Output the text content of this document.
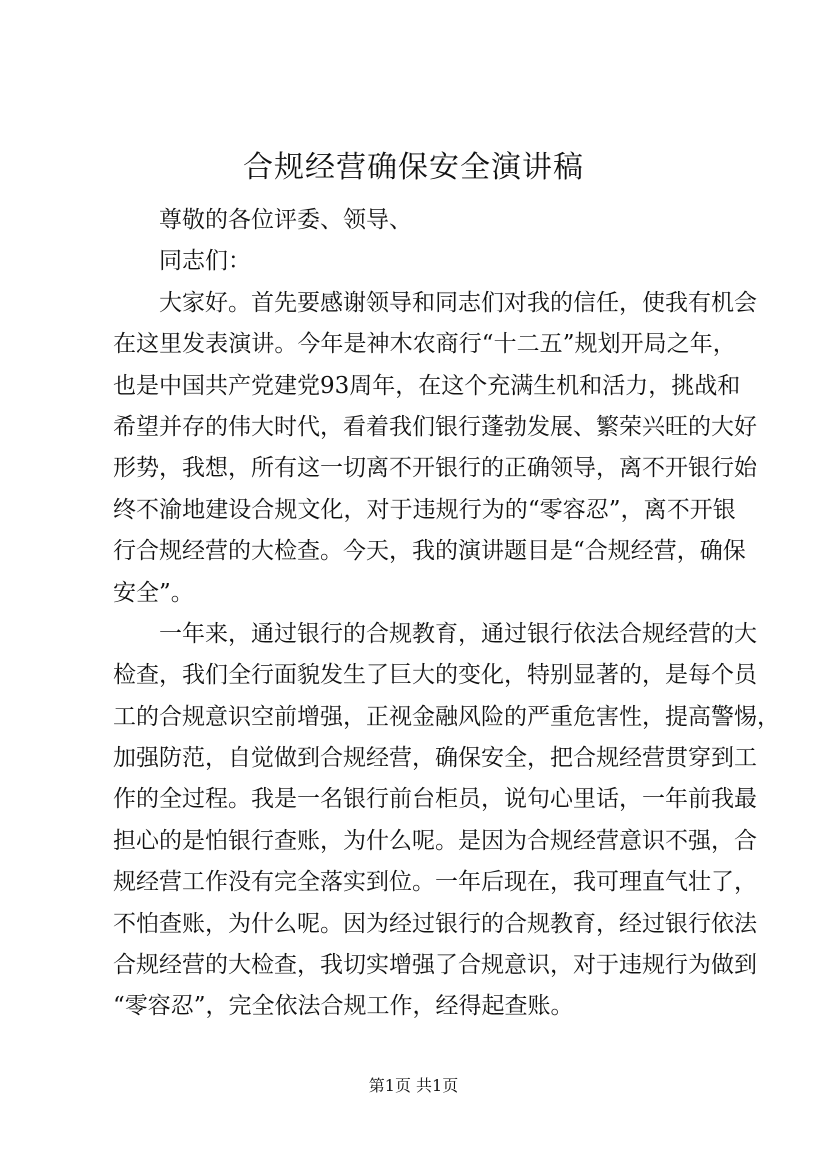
合规经营确保安全演讲稿
尊敬的各位评委、领导、
同志们：
大 家 好 。 首 先 要 感 谢 领 导 和 同 志 们 对 我 的 信 任 ， 使 我 有 机 会
在 这 里 发 表 演 讲 。 今 年 是 神 木 农 商 行 “ 十 二 五 ” 规 划 开 局 之 年 ，
也 是 中 国 共 产 党 建 党 93 周 年 ， 在 这 个 充 满 生 机 和 活 力 ， 挑 战 和
希 望 并 存 的 伟 大 时 代 ， 看 着 我 们 银 行 蓬 勃 发 展 、 繁 荣 兴 旺 的 大 好
形 势 ， 我 想 ， 所 有 这 一 切 离 不 开 银 行 的 正 确 领 导 ， 离 不 开 银 行 始
终 不 渝 地 建 设 合 规 文 化 ， 对 于 违 规 行 为 的 “ 零 容 忍 ” ， 离 不 开 银
行 合 规 经 营 的 大 检 查 。 今 天 ， 我 的 演 讲 题 目 是 “ 合 规 经 营 ， 确 保
安全”。
一 年 来 ， 通 过 银 行 的 合 规 教 育 ， 通 过 银 行 依 法 合 规 经 营 的 大
检 查 ， 我 们 全 行 面 貌 发 生 了 巨 大 的 变 化 ， 特 别 显 著 的 ， 是 每 个 员
工 的 合 规 意 识 空 前 增 强 ， 正 视 金 融 风 险 的 严 重 危 害 性 ， 提 高 警 惕 ，
加 强 防 范 ， 自 觉 做 到 合 规 经 营 ， 确 保 安 全 ， 把 合 规 经 营 贯 穿 到 工
作 的 全 过 程 。 我 是 一 名 银 行 前 台 柜 员 ， 说 句 心 里 话 ， 一 年 前 我 最
担 心 的 是 怕 银 行 查 账 ， 为 什 么 呢 。 是 因 为 合 规 经 营 意 识 不 强 ， 合
规 经 营 工 作 没 有 完 全 落 实 到 位 。 一 年 后 现 在 ， 我 可 理 直 气 壮 了 ，
不 怕 查 账 ， 为 什 么 呢 。 因 为 经 过 银 行 的 合 规 教 育 ， 经 过 银 行 依 法
合 规 经 营 的 大 检 查 ， 我 切 实 增 强 了 合 规 意 识 ， 对 于 违 规 行 为 做 到
“零容忍”，完全依法合规工作，经得起查账。
第1页 共1页
